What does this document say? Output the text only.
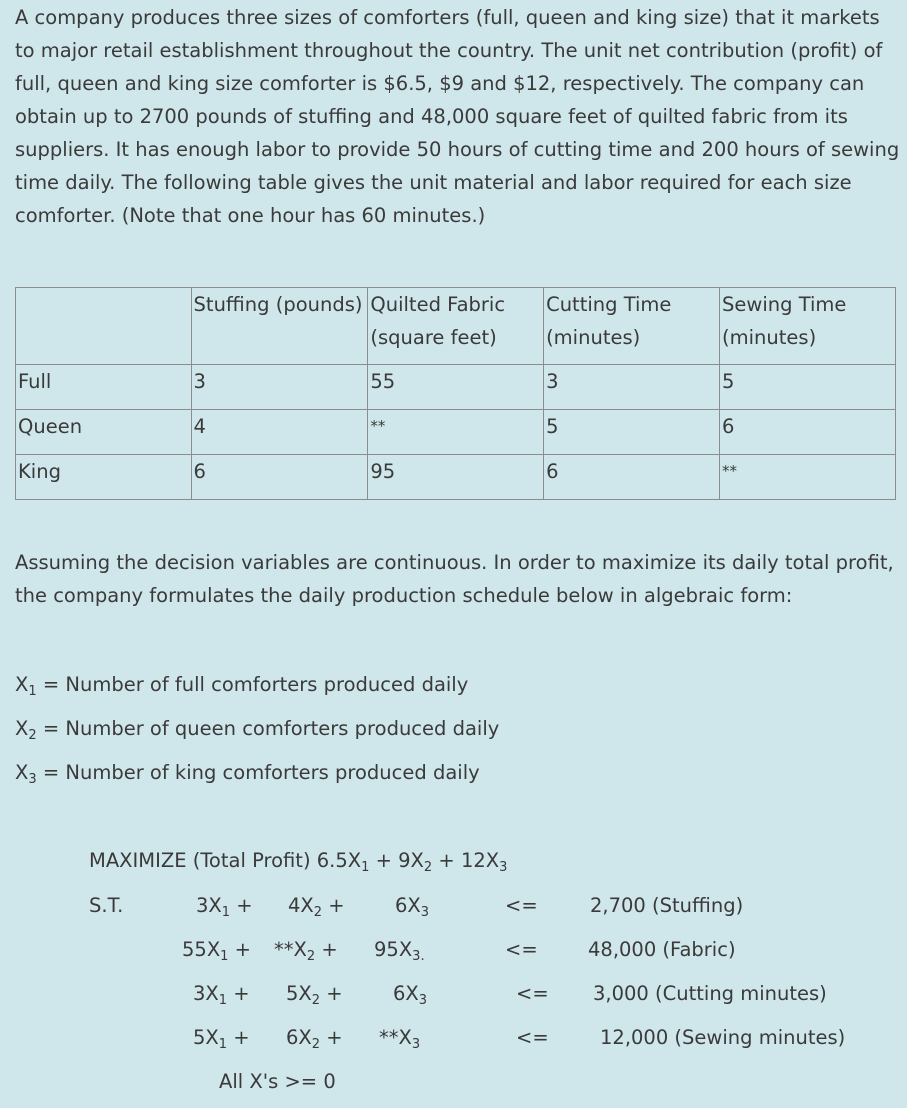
A company produces three sizes of comforters (full, queen and king size) that it markets to major retail establishment throughout the country. The unit net contribution (profit) of full, queen and king size comforter is $6.5, $9 and $12, respectively. The company can obtain up to 2700 pounds of stuffing and 48,000 square feet of quilted fabric from its suppliers. It has enough labor to provide 50 hours of cutting time and 200 hours of sewing time daily. The following table gives the unit material and labor required for each size comforter. (Note that one hour has 60 minutes.)

	Stuffing (pounds)	Quilted Fabric (square feet)	Cutting Time (minutes)	Sewing Time (minutes)
Full	3	55	3	5
Queen	4	**	5	6
King	6	95	6	**

Assuming the decision variables are continuous. In order to maximize its daily total profit, the company formulates the daily production schedule below in algebraic form:

$X_1$ = Number of full comforters produced daily
$X_2$ = Number of queen comforters produced daily
$X_3$ = Number of king comforters produced daily
MAXIMIZE (Total Profit) $6.5X_1 + 9X_2 + 12X_3$
S.T.	$3X_1 + 4X_2$ +	$6X_3$	<=	2,700 (Stuffing)
$55X_1 + **X_2 + 95X_{3.}$	<=	48,000 (Fabric)
$3X_1 + 5X_2$ +	$6X_3$	<= 3,000 (Cutting minutes)
$5X_1 + 6X_2 + **X_3$	<=	12,000 (Sewing minutes)
All X's >= 0
